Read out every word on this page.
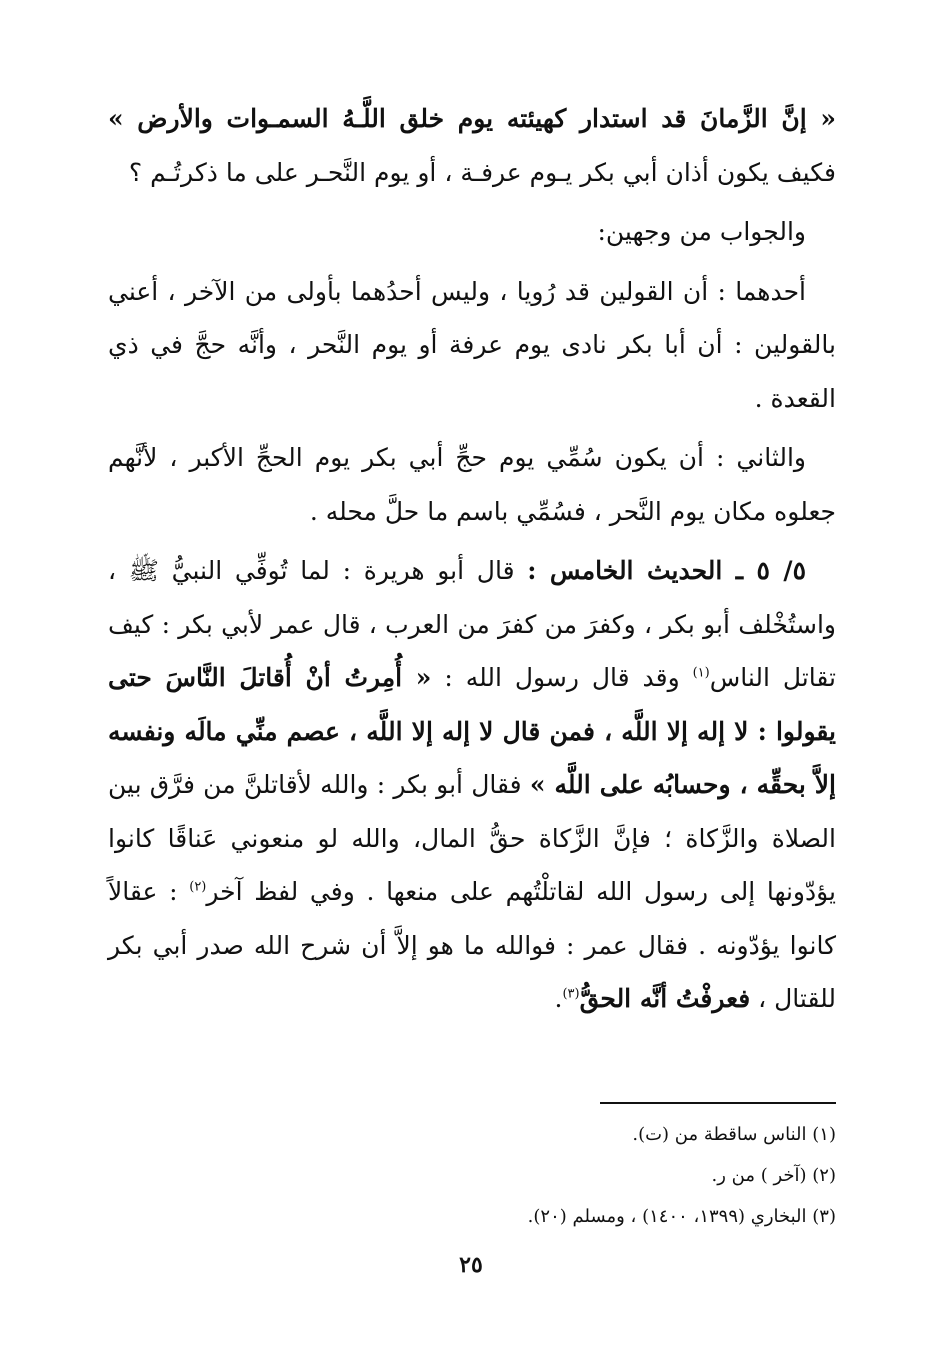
« إنَّ الزَّمانَ قد استدار كهيئته يوم خلق اللَّـهُ السمـوات والأرض » فكيف يكون أذان أبي بكر يـوم عرفـة ، أو يوم النَّحـر على ما ذكرتُـم ؟

والجواب من وجهين:

أحدهما : أن القولين قد رُويا ، وليس أحدُهما بأولى من الآخر ، أعني بالقولين : أن أبا بكر نادى يوم عرفة أو يوم النَّحر ، وأنَّه حجَّ في ذي القعدة .

والثاني : أن يكون سُمِّي يوم حجِّ أبي بكر يوم الحجِّ الأكبر ، لأنَّهم جعلوه مكان يوم النَّحر ، فسُمِّي باسم ما حلَّ محله .

٥/ ٥ ـ الحديث الخامس : قال أبو هريرة : لما تُوفِّي النبيُّ ﷺ ، واستُخْلف أبو بكر ، وكفرَ من كفرَ من العرب ، قال عمر لأبي بكر : كيف تقاتل الناس$^{(١)}$ وقد قال رسول الله : « أُمِرتُ أنْ أُقاتلَ النَّاسَ حتى يقولوا : لا إله إلا اللَّه ، فمن قال لا إله إلا اللَّه ، عصم منِّي مالَه ونفسه إلاَّ بحقِّه ، وحسابُه على اللَّه » فقال أبو بكر : والله لأقاتلنَّ من فرَّق بين الصلاة والزَّكاة ؛ فإنَّ الزَّكاة حقُّ المال، والله لو منعوني عَناقًا كانوا يؤدّونها إلى رسول الله لقاتلْتُهم على منعها . وفي لفظ آخر$^{(٢)}$ : عقالاً كانوا يؤدّونه . فقال عمر : فوالله ما هو إلاَّ أن شرح الله صدر أبي بكر للقتال ، فعرفْتُ أنَّه الحقُّ$^{(٣)}$.

(١) الناس ساقطة من (ت).
(٢) (آخر ) من ر.
(٣) البخاري (١٣٩٩، ١٤٠٠) ، ومسلم (٢٠).
٢٥
